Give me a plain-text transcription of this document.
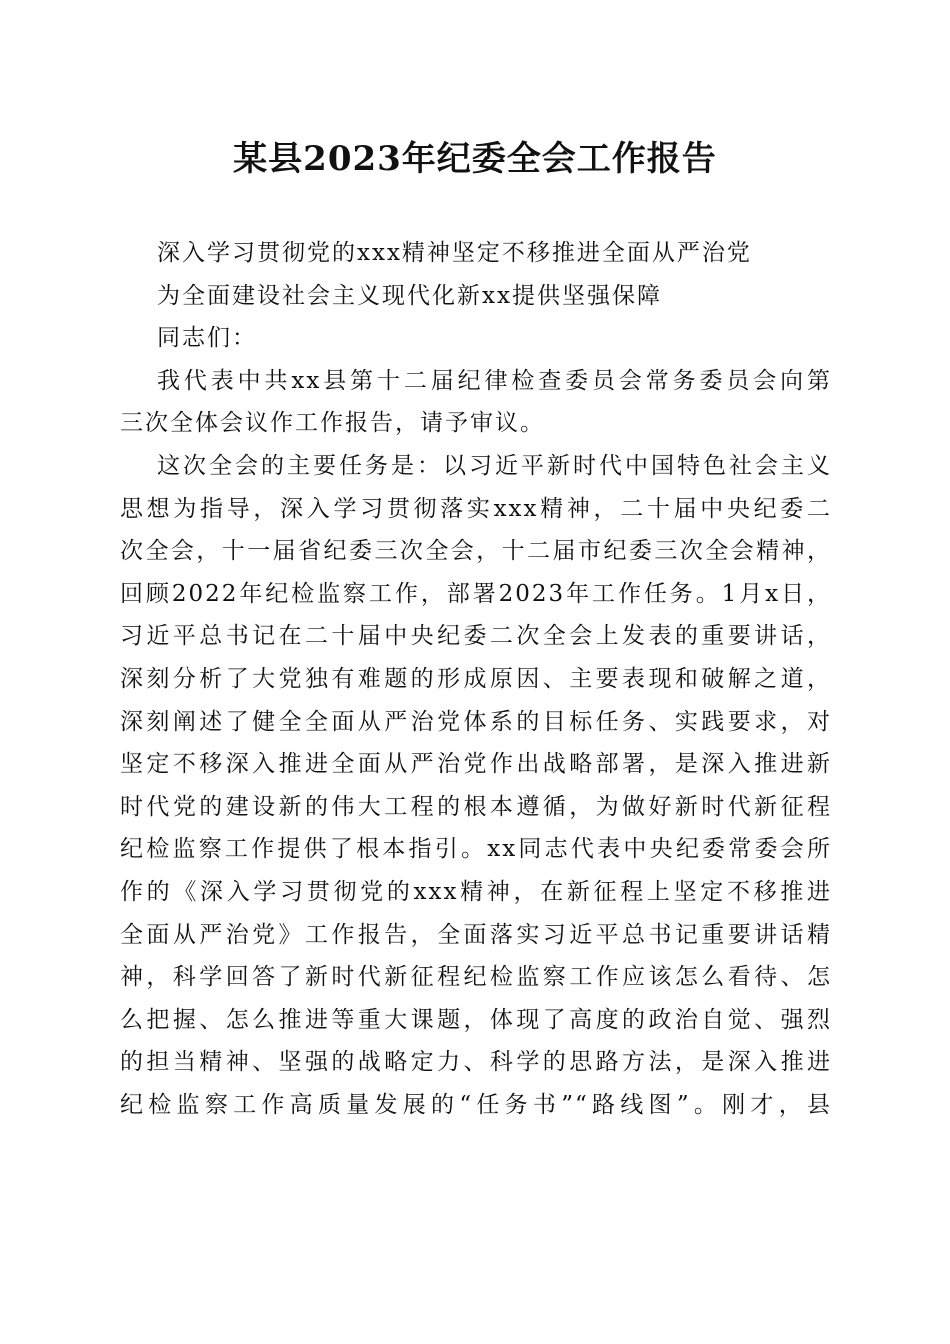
某县2023年纪委全会工作报告
深入学习贯彻党的xxx精神坚定不移推进全面从严治党
为全面建设社会主义现代化新xx提供坚强保障
同志们：
我代表中共xx县第十二届纪律检查委员会常务委员会向第
三次全体会议作工作报告，请予审议。
这次全会的主要任务是：以习近平新时代中国特色社会主义
思想为指导，深入学习贯彻落实xxx精神，二十届中央纪委二
次全会，十一届省纪委三次全会，十二届市纪委三次全会精神，
回顾2022年纪检监察工作，部署2023年工作任务。1月x日，
习近平总书记在二十届中央纪委二次全会上发表的重要讲话，
深刻分析了大党独有难题的形成原因、主要表现和破解之道，
深刻阐述了健全全面从严治党体系的目标任务、实践要求，对
坚定不移深入推进全面从严治党作出战略部署，是深入推进新
时代党的建设新的伟大工程的根本遵循，为做好新时代新征程
纪检监察工作提供了根本指引。xx同志代表中央纪委常委会所
作的《深入学习贯彻党的xxx精神，在新征程上坚定不移推进
全面从严治党》工作报告，全面落实习近平总书记重要讲话精
神，科学回答了新时代新征程纪检监察工作应该怎么看待、怎
么把握、怎么推进等重大课题，体现了高度的政治自觉、强烈
的担当精神、坚强的战略定力、科学的思路方法，是深入推进
纪检监察工作高质量发展的“任务书”“路线图”。刚才，县
